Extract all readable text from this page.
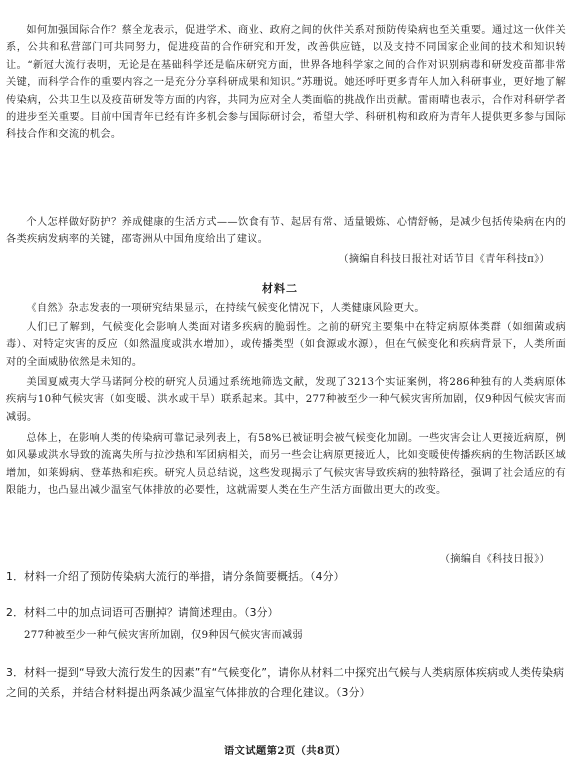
如何加强国际合作？蔡全龙表示，促进学术、商业、政府之间的伙伴关系对预防传染病也至关重要。通过这一伙伴关系，公共和私营部门可共同努力，促进疫苗的合作研究和开发，改善供应链，以及支持不同国家企业间的技术和知识转让。“新冠大流行表明，无论是在基础科学还是临床研究方面，世界各地科学家之间的合作对识别病毒和研发疫苗都非常关键，而科学合作的重要内容之一是充分分享科研成果和知识。”苏珊说。她还呼吁更多青年人加入科研事业，更好地了解传染病，公共卫生以及疫苗研发等方面的内容，共同为应对全人类面临的挑战作出贡献。雷雨晴也表示，合作对科研学者的进步至关重要。目前中国青年已经有许多机会参与国际研讨会，希望大学、科研机构和政府为青年人提供更多参与国际科技合作和交流的机会。
个人怎样做好防护？养成健康的生活方式——饮食有节、起居有常、适量锻炼、心情舒畅，是减少包括传染病在内的各类疾病发病率的关键，邵寄洲从中国角度给出了建议。
（摘编自科技日报社对话节目《青年科技π》）
材料二
《自然》杂志发表的一项研究结果显示，在持续气候变化情况下，人类健康风险更大。
人们已了解到，气候变化会影响人类面对诸多疾病的脆弱性。之前的研究主要集中在特定病原体类群（如细菌或病毒）、对特定灾害的反应（如然温度或洪水增加），或传播类型（如食源或水源），但在气候变化和疾病背景下，人类所面对的全面威胁依然是未知的。
美国夏威夷大学马诺阿分校的研究人员通过系统地筛选文献，发现了3213个实证案例，将286种独有的人类病原体疾病与10种气候灾害（如变暖、洪水或干旱）联系起来。其中，277种被至少一种气候灾害所加剧，仅9种因气候灾害而减弱。
总体上，在影响人类的传染病可靠记录列表上，有58%已被证明会被气候变化加剧。一些灾害会让人更接近病原，例如风暴或洪水导致的流离失所与拉沙热和军团病相关，而另一些会让病原更接近人，比如变暖使传播疾病的生物活跃区域增加，如莱姆病、登革热和疟疾。研究人员总结说，这些发现揭示了气候灾害导致疾病的独特路径，强调了社会适应的有限能力，也凸显出减少温室气体排放的必要性，这就需要人类在生产生活方面做出更大的改变。
（摘编自《科技日报》）
1．材料一介绍了预防传染病大流行的举措，请分条简要概括。（4分）
2．材料二中的加点词语可否删掉？请简述理由。（3分）
277种被至少一种气候灾害所加剧，仅9种因气候灾害而减弱
3．材料一提到“导致大流行发生的因素”有“气候变化”，请你从材料二中探究出气候与人类病原体疾病或人类传染病之间的关系，并结合材料提出两条减少温室气体排放的合理化建议。（3分）
语文试题第2页（共8页）
